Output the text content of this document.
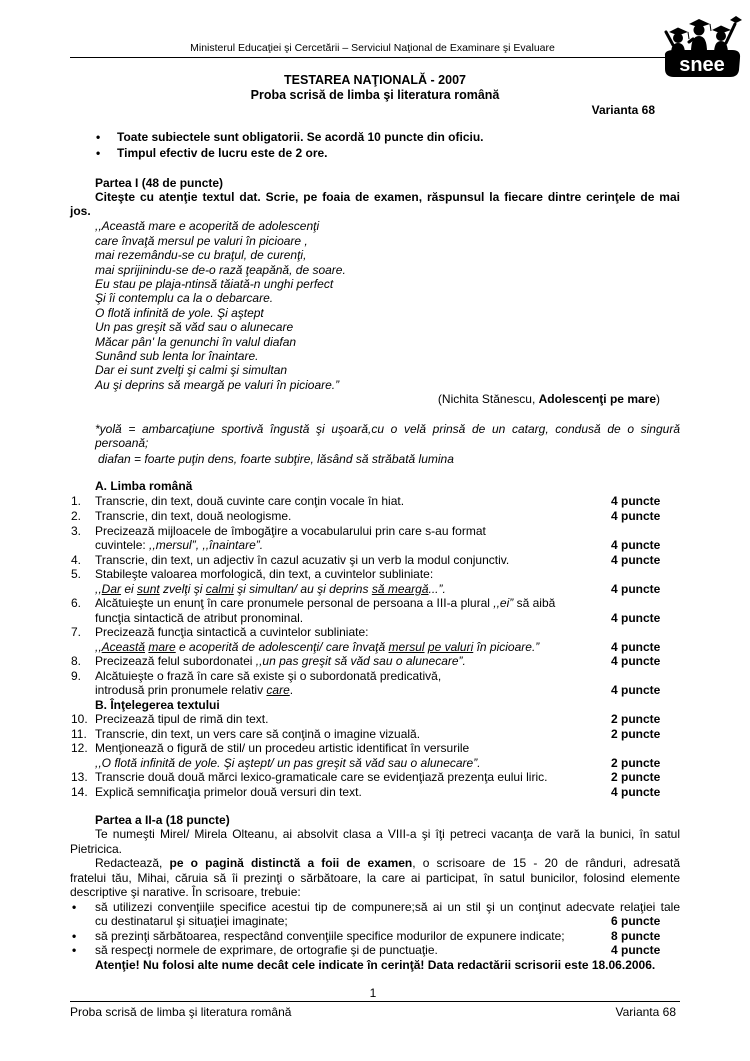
Ministerul Educaţiei şi Cercetării – Serviciul Naţional de Examinare şi Evaluare
snee
TESTAREA NAŢIONALĂ - 2007
Proba scrisă de limba şi literatura română
Varianta 68
•
Toate subiectele sunt obligatorii. Se acordă 10 puncte din oficiu.
•
Timpul efectiv de lucru este de 2 ore.
Partea I (48 de puncte)
Citeşte cu atenţie textul dat. Scrie, pe foaia de examen, răspunsul la fiecare dintre cerinţele de mai
jos.
,,Această mare e acoperită de adolescenţi
care învaţă mersul pe valuri în picioare ,
mai rezemându-se cu braţul, de curenţi,
mai sprijinindu-se de-o rază ţeapănă, de soare.
Eu stau pe plaja-ntinsă tăiată-n unghi perfect
Şi îi contemplu ca la o debarcare.
O flotă infinită de yole. Şi aştept
Un pas greşit să văd sau o alunecare
Măcar pân' la genunchi în valul diafan
Sunând sub lenta lor înaintare.
Dar ei sunt zvelţi şi calmi şi simultan
Au şi deprins să meargă pe valuri în picioare.”
(Nichita Stănescu, Adolescenţi pe mare)
*yolă = ambarcaţiune sportivă îngustă şi uşoară,cu o velă prinsă de un catarg, condusă de o singură
persoană;
diafan = foarte puţin dens, foarte subţire, lăsând să străbată lumina
A. Limba română
1. Transcrie, din text, două cuvinte care conţin vocale în hiat.	4 puncte
2. Transcrie, din text, două neologisme.	4 puncte
3. Precizează mijloacele de îmbogăţire a vocabularului prin care s-au format
cuvintele: ,,mersul”, ,,înaintare”.	4 puncte
4. Transcrie, din text, un adjectiv în cazul acuzativ şi un verb la modul conjunctiv.	4 puncte
5. Stabileşte valoarea morfologică, din text, a cuvintelor subliniate:
,,Dar ei sunt zvelţi şi calmi şi simultan/ au şi deprins să meargă...”.	4 puncte
6. Alcătuieşte un enunţ în care pronumele personal de persoana a III-a plural ,,ei” să aibă
funcţia sintactică de atribut pronominal.	4 puncte
7. Precizează funcţia sintactică a cuvintelor subliniate:
,,Această mare e acoperită de adolescenţi/ care învaţă mersul pe valuri în picioare.”	4 puncte
8. Precizează felul subordonatei ,,un pas greşit să văd sau o alunecare”.	4 puncte
9. Alcătuieşte o frază în care să existe şi o subordonată predicativă,
introdusă prin pronumele relativ care.	4 puncte
B. Înţelegerea textului
10. Precizează tipul de rimă din text.	2 puncte
11. Transcrie, din text, un vers care să conţină o imagine vizuală.	2 puncte
12. Menţionează o figură de stil/ un procedeu artistic identificat în versurile
,,O flotă infinită de yole. Şi aştept/ un pas greşit să văd sau o alunecare”.	2 puncte
13. Transcrie două două mărci lexico-gramaticale care se evidenţiază prezenţa eului liric.	2 puncte
14. Explică semnificaţia primelor două versuri din text.	4 puncte
Partea a II-a (18 puncte)
Te numeşti Mirel/ Mirela Olteanu, ai absolvit clasa a VIII-a şi îţi petreci vacanţa de vară la bunici, în satul
Pietricica.
Redactează, pe o pagină distinctă a foii de examen, o scrisoare de 15 - 20 de rânduri, adresată
fratelui tău, Mihai, căruia să îi prezinţi o sărbătoare, la care ai participat, în satul bunicilor, folosind elemente
descriptive şi narative. În scrisoare, trebuie:
•
să utilizezi convenţiile specifice acestui tip de compunere;să ai un stil şi un conţinut adecvate relaţiei tale
cu destinatarul şi situaţiei imaginate;	6 puncte
•
să prezinţi sărbătoarea, respectând convenţiile specifice modurilor de expunere indicate;	8 puncte
•
să respecţi normele de exprimare, de ortografie şi de punctuaţie.	4 puncte
Atenţie! Nu folosi alte nume decât cele indicate în cerinţă! Data redactării scrisorii este 18.06.2006.
1
Proba scrisă de limba şi literatura română	Varianta 68
